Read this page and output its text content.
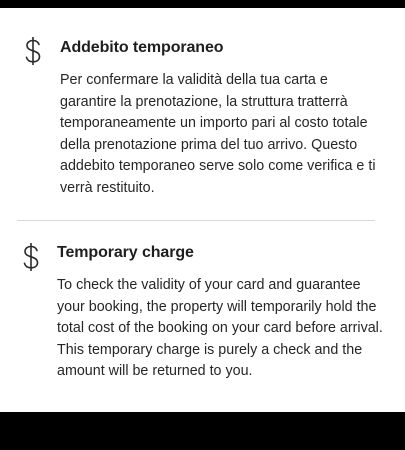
Addebito temporaneo
Per confermare la validità della tua carta e
garantire la prenotazione, la struttura tratterrà
temporaneamente un importo pari al costo totale
della prenotazione prima del tuo arrivo. Questo
addebito temporaneo serve solo come verifica e ti
verrà restituito.
Temporary charge
To check the validity of your card and guarantee
your booking, the property will temporarily hold the
total cost of the booking on your card before arrival.
This temporary charge is purely a check and the
amount will be returned to you.
